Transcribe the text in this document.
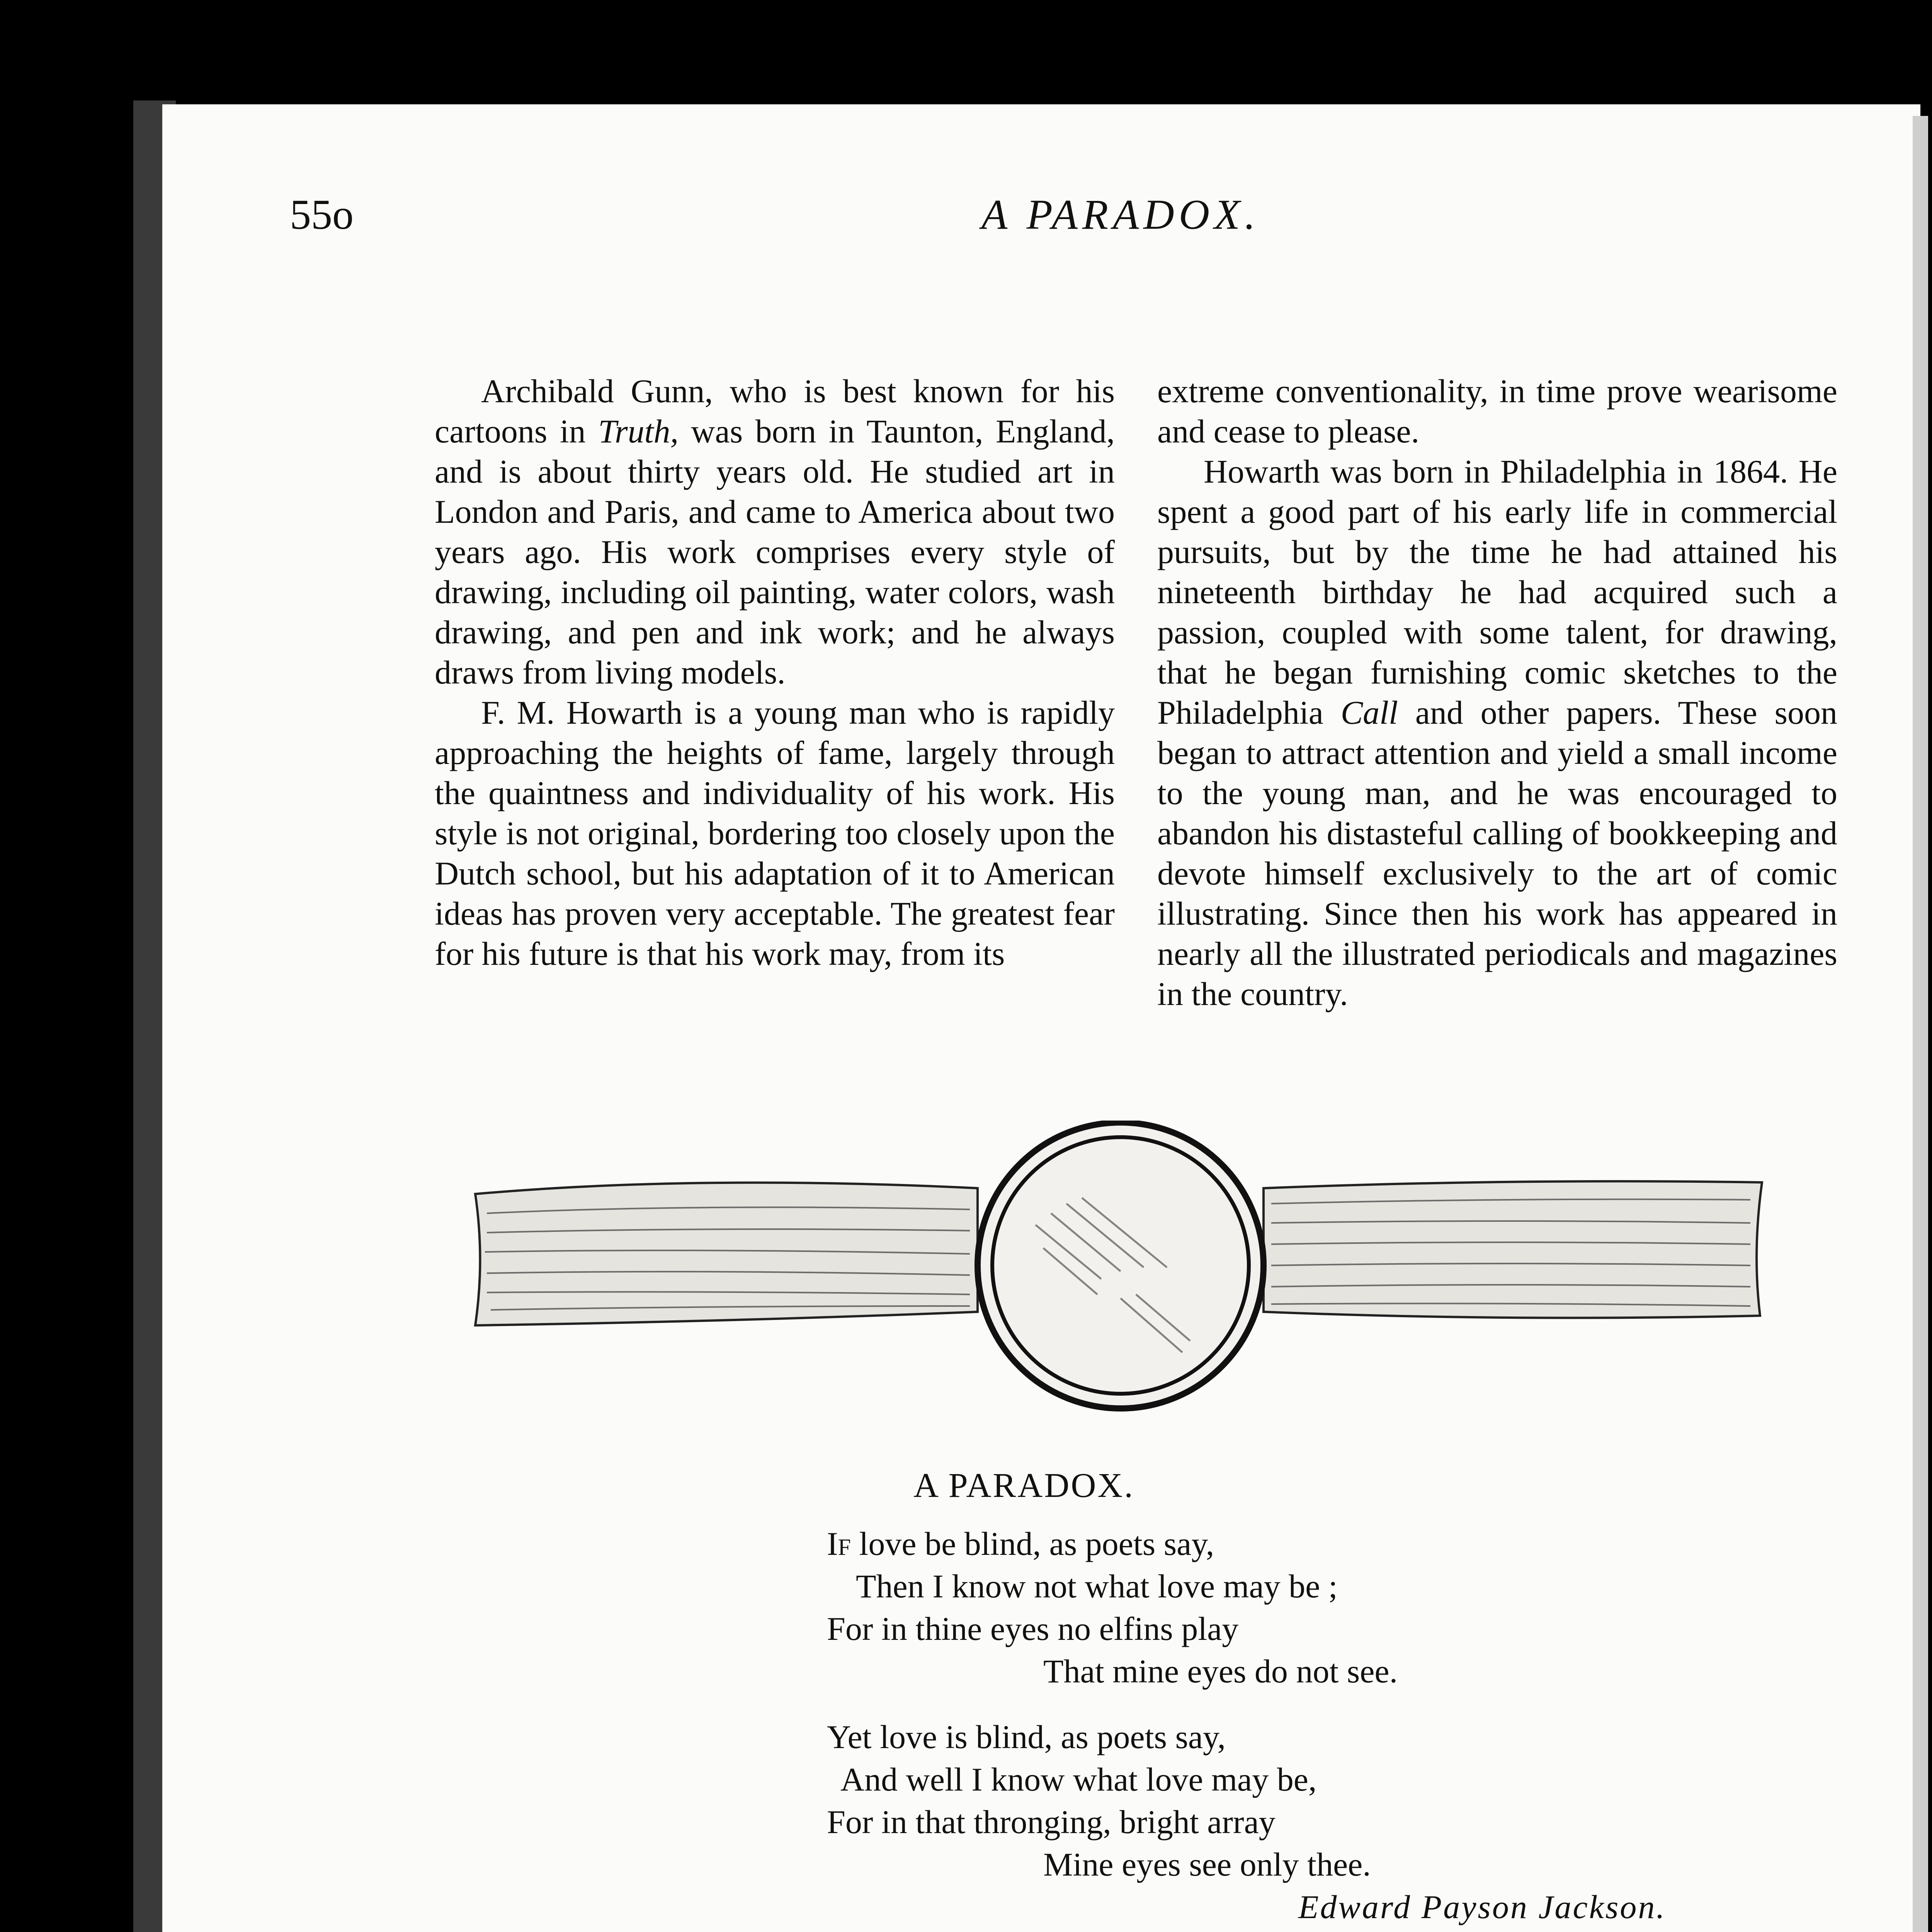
55o	A PARADOX.

Archibald Gunn, who is best known for his cartoons in Truth, was born in Taunton, England, and is about thirty years old. He studied art in London and Paris, and came to America about two years ago. His work comprises every style of drawing, including oil painting, water colors, wash drawing, and pen and ink work; and he always draws from living models.

F. M. Howarth is a young man who is rapidly approaching the heights of fame, largely through the quaintness and individuality of his work. His style is not original, bordering too closely upon the Dutch school, but his adaptation of it to American ideas has proven very acceptable. The greatest fear for his future is that his work may, from its

extreme conventionality, in time prove wearisome and cease to please.

Howarth was born in Philadelphia in 1864. He spent a good part of his early life in commercial pursuits, but by the time he had attained his nineteenth birthday he had acquired such a passion, coupled with some talent, for drawing, that he began furnishing comic sketches to the Philadelphia Call and other papers. These soon began to attract attention and yield a small income to the young man, and he was encouraged to abandon his distasteful calling of bookkeeping and devote himself exclusively to the art of comic illustrating. Since then his work has appeared in nearly all the illustrated periodicals and magazines in the country.

A PARADOX.
If love be blind, as poets say,
Then I know not what love may be ;
For in thine eyes no elfins play
That mine eyes do not see.
Yet love is blind, as poets say,
And well I know what love may be,
For in that thronging, bright array
Mine eyes see only thee.
Edward Payson Jackson.
